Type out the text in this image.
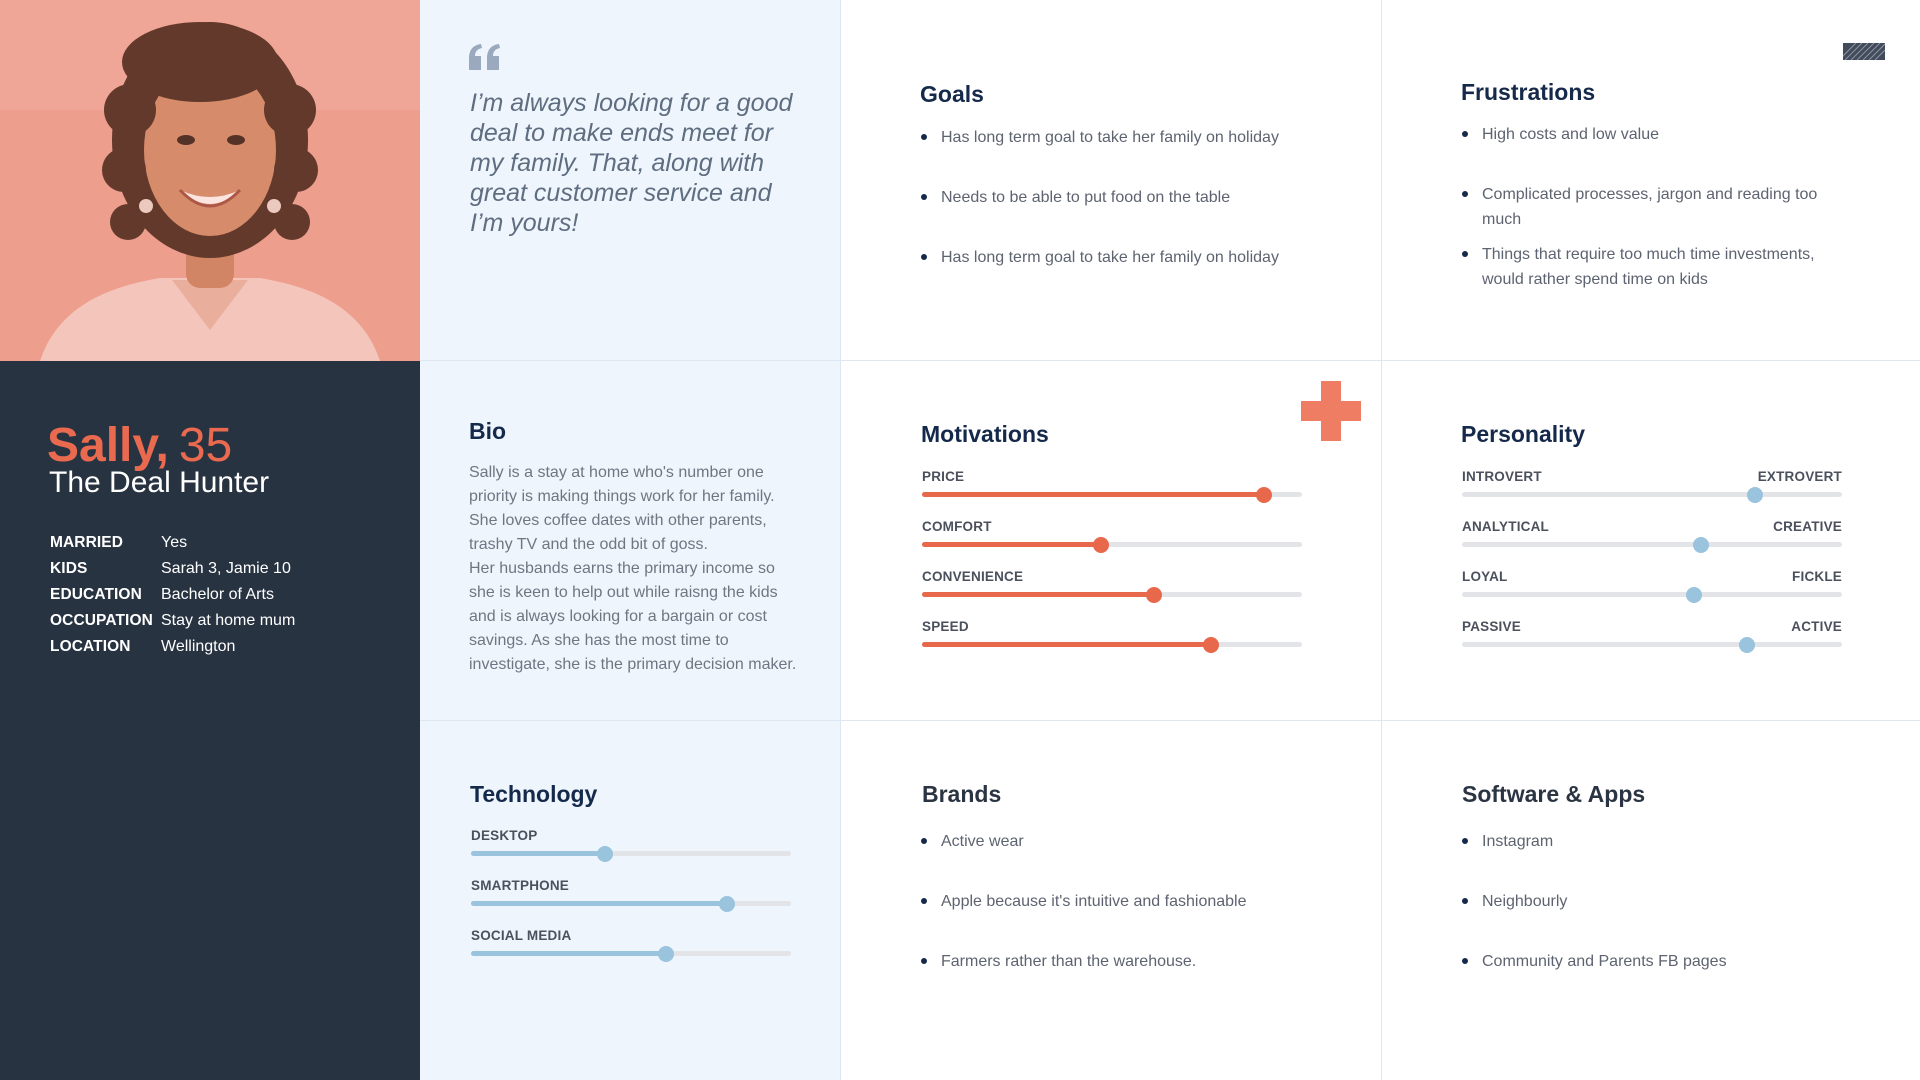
Sally, 35
The Deal Hunter
MARRIED	Yes
KIDS	Sarah 3, Jamie 10
EDUCATION	Bachelor of Arts
OCCUPATION Stay at home mum
LOCATION	Wellington
I’m always looking for a good deal to make ends meet for my family. That, along with great customer service and I’m yours!
Goals
Has long term goal to take her family on holiday
Needs to be able to put food on the table
Has long term goal to take her family on holiday
Frustrations
High costs and low value
Complicated processes, jargon and reading too much
Things that require too much time investments, would rather spend time on kids
Bio

Sally is a stay at home who's number one priority is making things work for her family. She loves coffee dates with other parents, trashy TV and the odd bit of goss.

Her husbands earns the primary income so she is keen to help out while raisng the kids and is always looking for a bargain or cost savings. As she has the most time to investigate, she is the primary decision maker.

Motivations
PRICE
COMFORT
CONVENIENCE
SPEED
Personality
INTROVERT	EXTROVERT
ANALYTICAL	CREATIVE
LOYAL	FICKLE
PASSIVE	ACTIVE
Technology
DESKTOP
SMARTPHONE
SOCIAL MEDIA
Brands
Active wear
Apple because it's intuitive and fashionable
Farmers rather than the warehouse.
Software & Apps
Instagram
Neighbourly
Community and Parents FB pages
